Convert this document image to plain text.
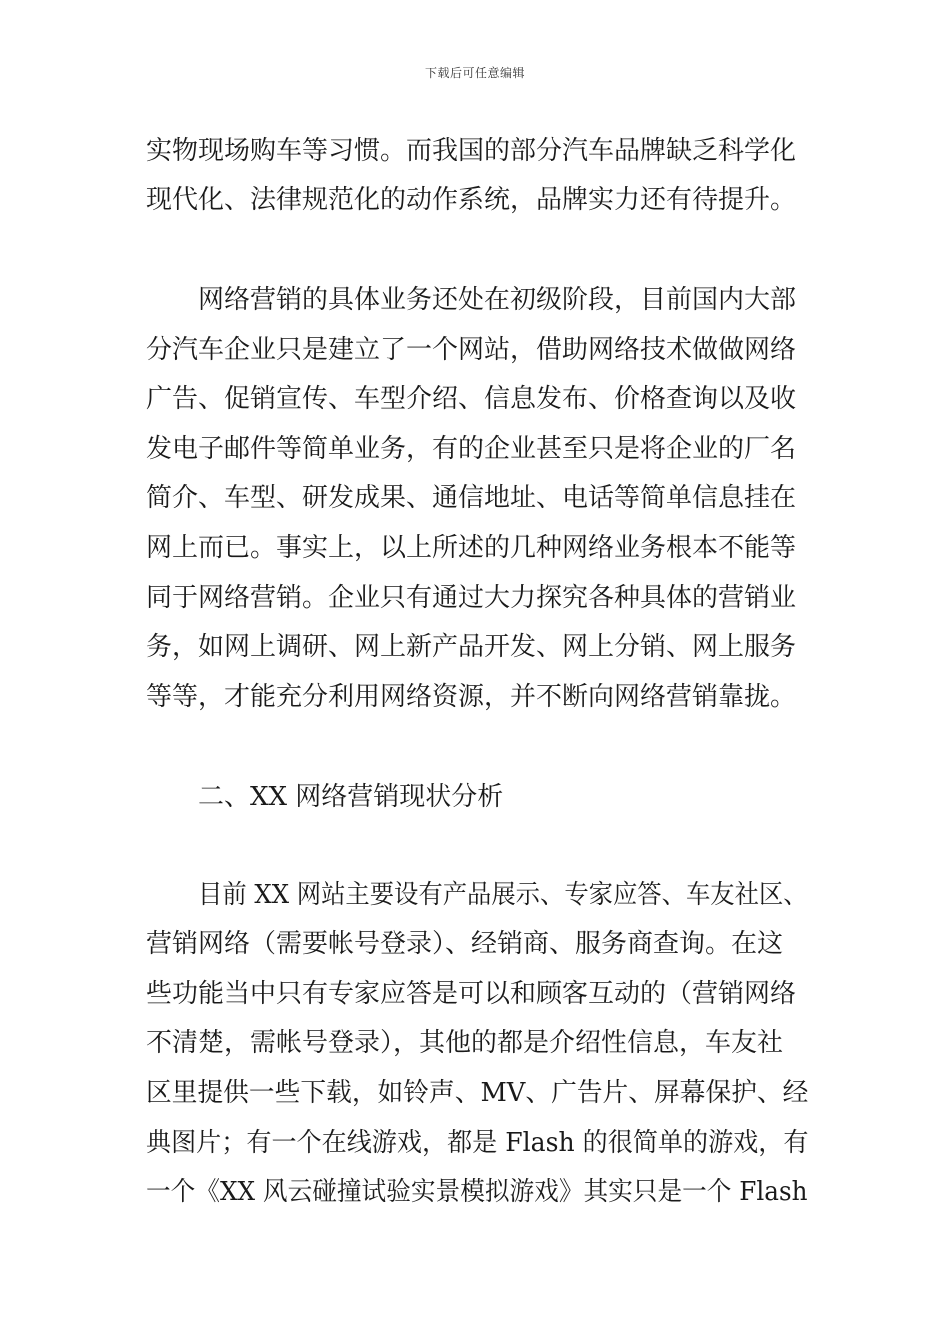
下载后可任意编辑
实物现场购车等习惯。而我国的部分汽车品牌缺乏科学化
现代化、法律规范化的动作系统，品牌实力还有待提升。
网络营销的具体业务还处在初级阶段，目前国内大部
分汽车企业只是建立了一个网站，借助网络技术做做网络
广告、促销宣传、车型介绍、信息发布、价格查询以及收
发电子邮件等简单业务，有的企业甚至只是将企业的厂名
简介、车型、研发成果、通信地址、电话等简单信息挂在
网上而已。事实上，以上所述的几种网络业务根本不能等
同于网络营销。企业只有通过大力探究各种具体的营销业
务，如网上调研、网上新产品开发、网上分销、网上服务
等等，才能充分利用网络资源，并不断向网络营销靠拢。
二、XX 网络营销现状分析
目前 XX 网站主要设有产品展示、专家应答、车友社区、
营销网络（需要帐号登录）、经销商、服务商查询。在这
些功能当中只有专家应答是可以和顾客互动的（营销网络
不清楚，需帐号登录），其他的都是介绍性信息，车友社
区里提供一些下载，如铃声、MV、广告片、屏幕保护、经
典图片；有一个在线游戏，都是 Flash 的很简单的游戏，有
一个《XX 风云碰撞试验实景模拟游戏》其实只是一个 Flash
